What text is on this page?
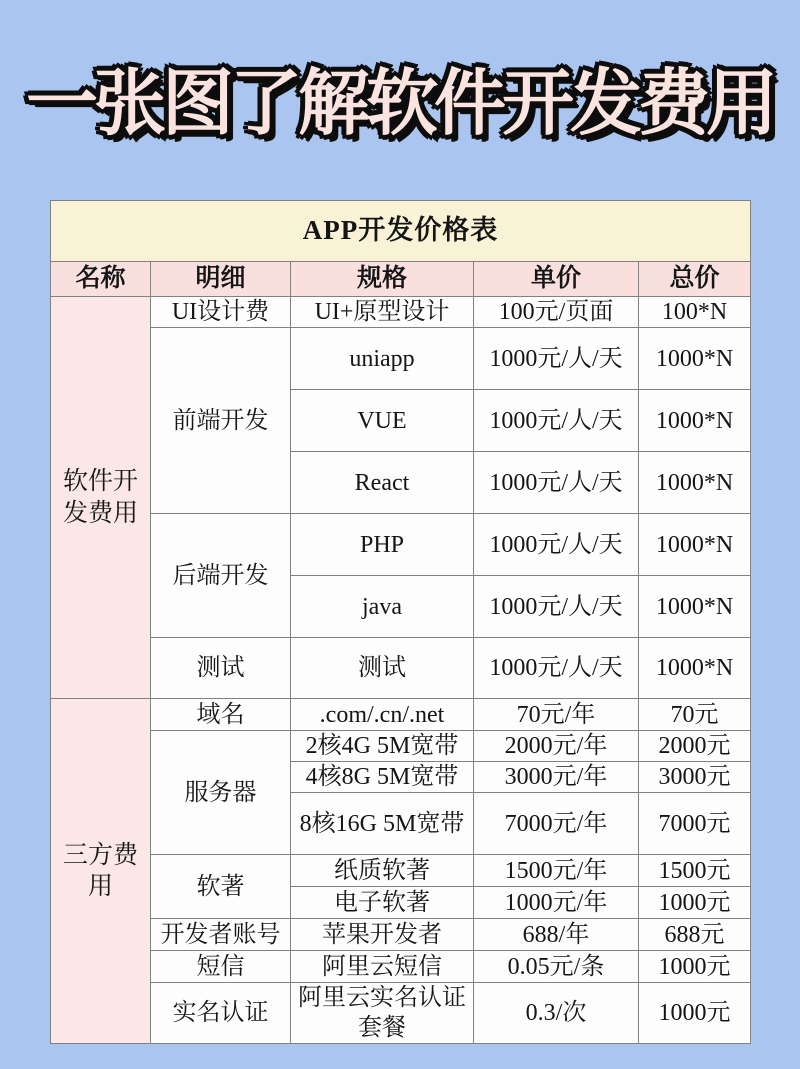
一张图了解软件开发费用
APP开发价格表				
名称	明细	规格	单价	总价
软件开发费用	UI设计费	UI+原型设计	100元/页面	100*N
	前端开发	uniapp	1000元/人/天	1000*N
		VUE	1000元/人/天	1000*N
		React	1000元/人/天	1000*N
	后端开发	PHP	1000元/人/天	1000*N
		java	1000元/人/天	1000*N
	测试	测试	1000元/人/天	1000*N
三方费用	域名	.com/.cn/.net	70元/年	70元
	服务器	2核4G 5M宽带	2000元/年	2000元
		4核8G 5M宽带	3000元/年	3000元
		8核16G 5M宽带	7000元/年	7000元
	软著	纸质软著	1500元/年	1500元
		电子软著	1000元/年	1000元
	开发者账号	苹果开发者	688/年	688元
	短信	阿里云短信	0.05元/条	1000元
	实名认证	阿里云实名认证套餐	0.3/次	1000元
